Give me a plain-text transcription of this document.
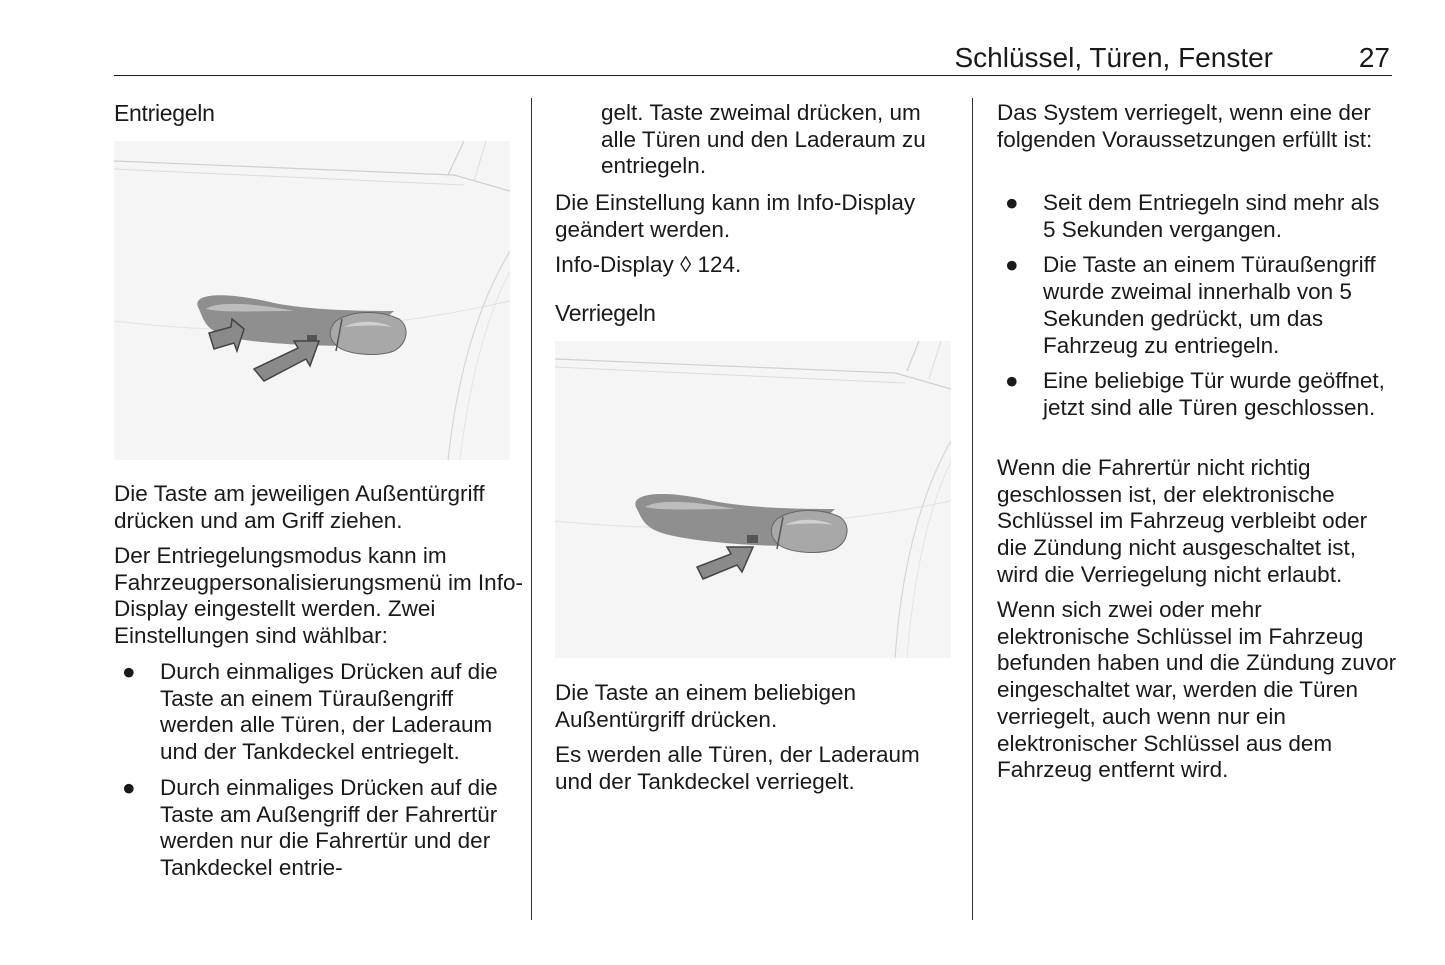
Schlüssel, Türen, Fenster	27
Entriegeln
Die Taste am jeweiligen Außentürgriff drücken und am Griff ziehen.
Der Entriegelungsmodus kann im Fahrzeugpersonalisierungsmenü im Info-Display eingestellt werden. Zwei Einstellungen sind wählbar:
● Durch einmaliges Drücken auf die Taste an einem Türaußengriff werden alle Türen, der Laderaum und der Tankdeckel entriegelt.
● Durch einmaliges Drücken auf die Taste am Außengriff der Fahrertür werden nur die Fahrertür und der Tankdeckel entrie-
gelt. Taste zweimal drücken, um alle Türen und den Laderaum zu entriegeln.
Die Einstellung kann im Info-Display geändert werden.
Info-Display ◊ 124.
Verriegeln
Die Taste an einem beliebigen Außentürgriff drücken.
Es werden alle Türen, der Laderaum und der Tankdeckel verriegelt.
Das System verriegelt, wenn eine der folgenden Voraussetzungen erfüllt ist:
● Seit dem Entriegeln sind mehr als 5 Sekunden vergangen.
● Die Taste an einem Türaußengriff wurde zweimal innerhalb von 5 Sekunden gedrückt, um das Fahrzeug zu entriegeln.
● Eine beliebige Tür wurde geöffnet, jetzt sind alle Türen geschlossen.
Wenn die Fahrertür nicht richtig geschlossen ist, der elektronische Schlüssel im Fahrzeug verbleibt oder die Zündung nicht ausgeschaltet ist, wird die Verriegelung nicht erlaubt.
Wenn sich zwei oder mehr elektronische Schlüssel im Fahrzeug befunden haben und die Zündung zuvor eingeschaltet war, werden die Türen verriegelt, auch wenn nur ein elektronischer Schlüssel aus dem Fahrzeug entfernt wird.
